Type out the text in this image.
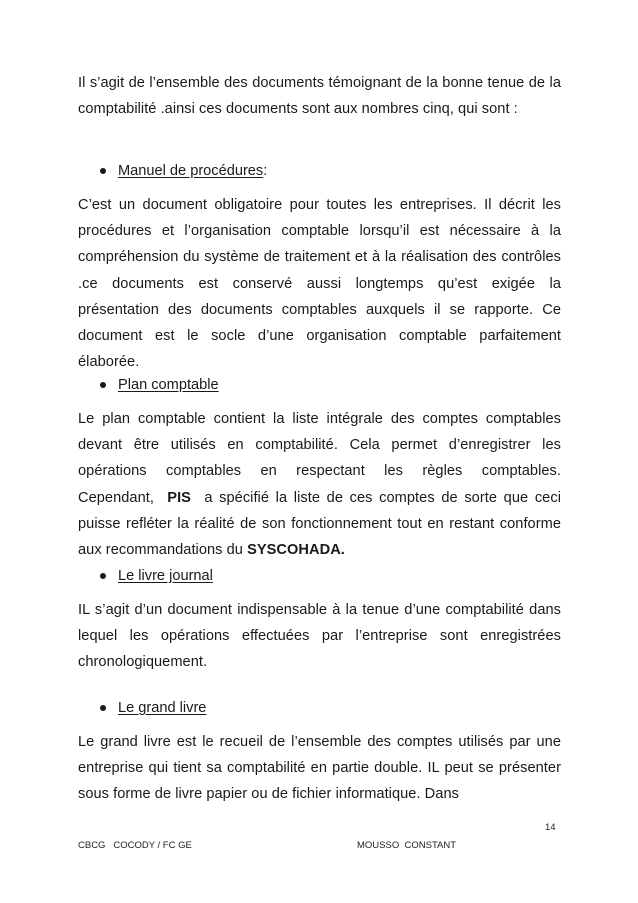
Il s’agit de l’ensemble des documents témoignant de la bonne tenue de la comptabilité .ainsi ces documents sont aux nombres cinq, qui sont :

Manuel de procédures :

C’est un document obligatoire pour toutes les entreprises. Il décrit les procédures et l’organisation comptable lorsqu’il est nécessaire à la compréhension du système de traitement et à la réalisation des contrôles .ce documents est conservé aussi longtemps qu’est exigée la présentation des documents comptables auxquels il se rapporte. Ce document est le socle d’une organisation comptable parfaitement élaborée.

Plan comptable

Le plan comptable contient la liste intégrale des comptes comptables devant être utilisés en comptabilité. Cela permet d’enregistrer les opérations comptables en respectant les règles comptables. Cependant, PIS a spécifié la liste de ces comptes de sorte que ceci puisse refléter la réalité de son fonctionnement tout en restant conforme aux recommandations du SYSCOHADA.

Le livre journal

IL s’agit d’un document indispensable à la tenue d’une comptabilité dans lequel les opérations effectuées par l’entreprise sont enregistrées chronologiquement.

Le grand livre

Le grand livre est le recueil de l’ensemble des comptes utilisés par une entreprise qui tient sa comptabilité en partie double. IL peut se présenter sous forme de livre papier ou de fichier informatique. Dans

14
CBCG   COCODY / FC GE	MOUSSO  CONSTANT
